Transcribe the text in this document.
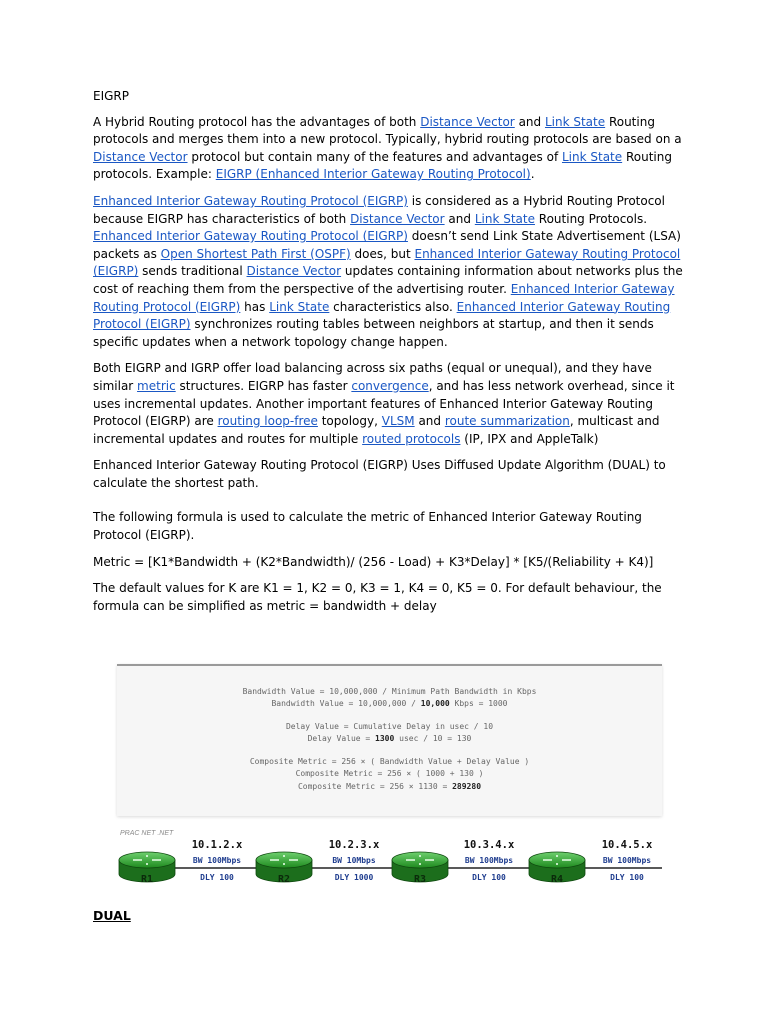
EIGRP

A Hybrid Routing protocol has the advantages of both Distance Vector and Link State Routing protocols and merges them into a new protocol. Typically, hybrid routing protocols are based on a Distance Vector protocol but contain many of the features and advantages of Link State Routing protocols. Example: EIGRP (Enhanced Interior Gateway Routing Protocol).

Enhanced Interior Gateway Routing Protocol (EIGRP) is considered as a Hybrid Routing Protocol because EIGRP has characteristics of both Distance Vector and Link State Routing Protocols. Enhanced Interior Gateway Routing Protocol (EIGRP) doesn’t send Link State Advertisement (LSA) packets as Open Shortest Path First (OSPF) does, but Enhanced Interior Gateway Routing Protocol (EIGRP) sends traditional Distance Vector updates containing information about networks plus the cost of reaching them from the perspective of the advertising router. Enhanced Interior Gateway Routing Protocol (EIGRP) has Link State characteristics also. Enhanced Interior Gateway Routing Protocol (EIGRP) synchronizes routing tables between neighbors at startup, and then it sends specific updates when a network topology change happen.

Both EIGRP and IGRP offer load balancing across six paths (equal or unequal), and they have similar metric structures. EIGRP has faster convergence, and has less network overhead, since it uses incremental updates. Another important features of Enhanced Interior Gateway Routing Protocol (EIGRP) are routing loop-free topology, VLSM and route summarization, multicast and incremental updates and routes for multiple routed protocols (IP, IPX and AppleTalk)

Enhanced Interior Gateway Routing Protocol (EIGRP) Uses Diffused Update Algorithm (DUAL) to calculate the shortest path.

The following formula is used to calculate the metric of Enhanced Interior Gateway Routing Protocol (EIGRP).

Metric = [K1*Bandwidth + (K2*Bandwidth)/ (256 - Load) + K3*Delay] * [K5/(Reliability + K4)]

The default values for K are K1 = 1, K2 = 0, K3 = 1, K4 = 0, K5 = 0. For default behaviour, the formula can be simplified as metric = bandwidth + delay

Bandwidth Value = 10,000,000 / Minimum Path Bandwidth in Kbps
Bandwidth Value = 10,000,000 / 10,000 Kbps = 1000
Delay Value = Cumulative Delay in usec / 10
Delay Value = 1300 usec / 10 = 130
Composite Metric = 256 × ( Bandwidth Value + Delay Value )
Composite Metric = 256 × ( 1000 + 130 )
Composite Metric = 256 × 1130 = 289280
PRAC NET .NET
10.1.2.x
BW 100Mbps
DLY 100
10.2.3.x
BW 10Mbps
DLY 1000
10.3.4.x
BW 100Mbps
DLY 100
10.4.5.x
BW 100Mbps
DLY 100
R1	R2	R3	R4
DUAL
